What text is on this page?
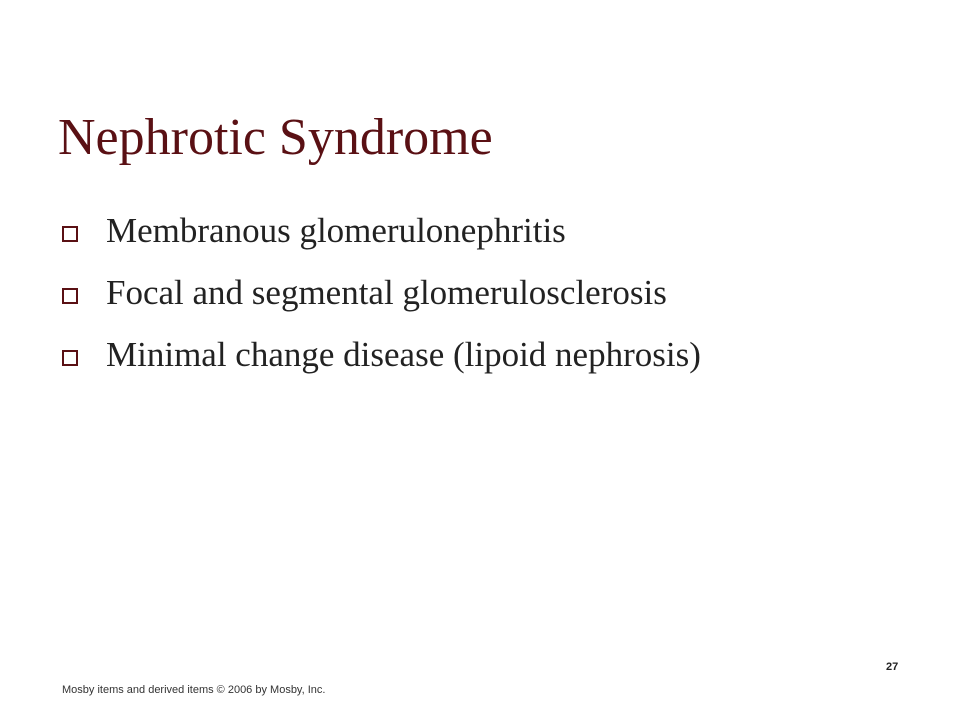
Nephrotic Syndrome
Membranous glomerulonephritis
Focal and segmental glomerulosclerosis
Minimal change disease (lipoid nephrosis)
27
Mosby items and derived items © 2006 by Mosby, Inc.
